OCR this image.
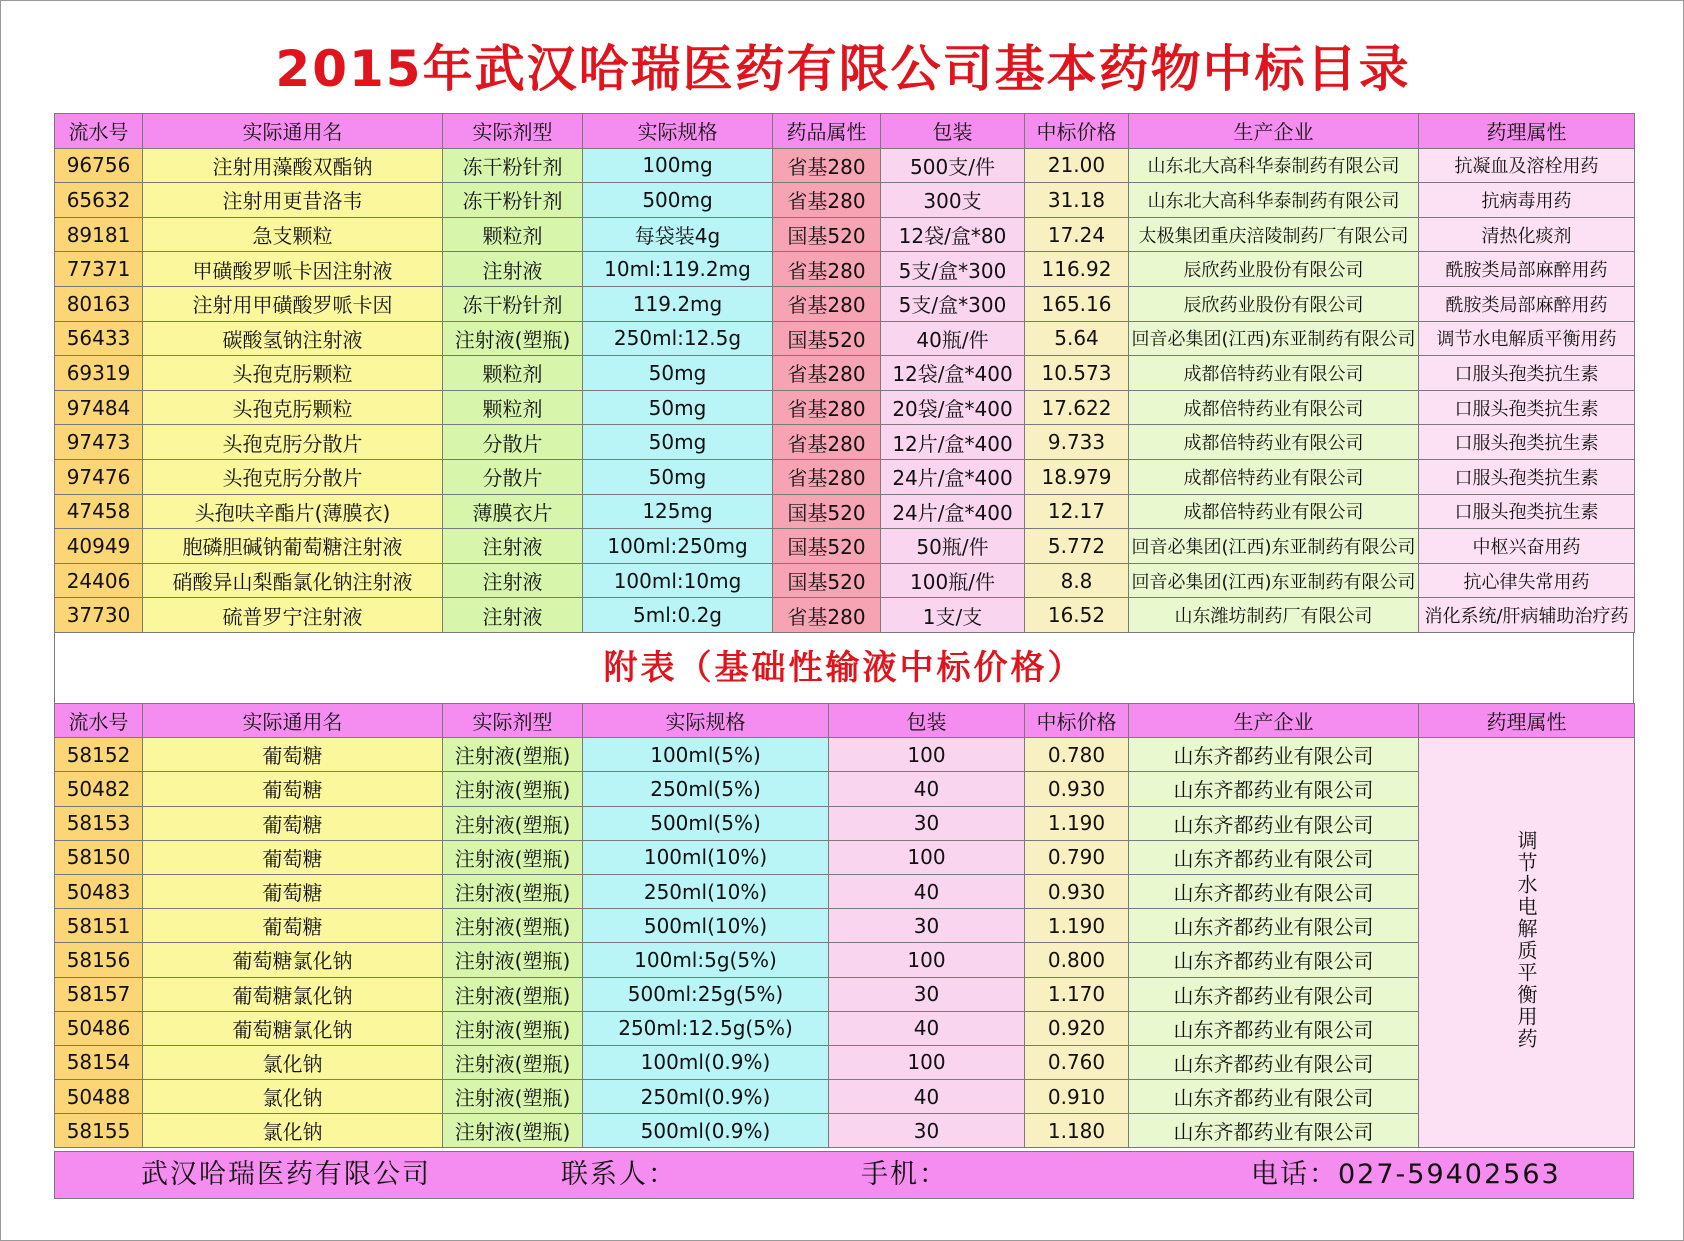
2015年武汉哈瑞医药有限公司基本药物中标目录
流水号	实际通用名	实际剂型	实际规格	药品属性	包装	中标价格	生产企业	药理属性
96756	注射用藻酸双酯钠	冻干粉针剂	100mg	省基280	500支/件	21.00	山东北大高科华泰制药有限公司	抗凝血及溶栓用药
65632	注射用更昔洛韦	冻干粉针剂	500mg	省基280	300支	31.18	山东北大高科华泰制药有限公司	抗病毒用药
89181	急支颗粒	颗粒剂	每袋装4g	国基520	12袋/盒*80	17.24	太极集团重庆涪陵制药厂有限公司	清热化痰剂
77371	甲磺酸罗哌卡因注射液	注射液	10ml:119.2mg	省基280	5支/盒*300	116.92	辰欣药业股份有限公司	酰胺类局部麻醉用药
80163	注射用甲磺酸罗哌卡因	冻干粉针剂	119.2mg	省基280	5支/盒*300	165.16	辰欣药业股份有限公司	酰胺类局部麻醉用药
56433	碳酸氢钠注射液	注射液(塑瓶)	250ml:12.5g	国基520	40瓶/件	5.64	回音必集团(江西)东亚制药有限公司	调节水电解质平衡用药
69319	头孢克肟颗粒	颗粒剂	50mg	省基280	12袋/盒*400	10.573	成都倍特药业有限公司	口服头孢类抗生素
97484	头孢克肟颗粒	颗粒剂	50mg	省基280	20袋/盒*400	17.622	成都倍特药业有限公司	口服头孢类抗生素
97473	头孢克肟分散片	分散片	50mg	省基280	12片/盒*400	9.733	成都倍特药业有限公司	口服头孢类抗生素
97476	头孢克肟分散片	分散片	50mg	省基280	24片/盒*400	18.979	成都倍特药业有限公司	口服头孢类抗生素
47458	头孢呋辛酯片(薄膜衣)	薄膜衣片	125mg	国基520	24片/盒*400	12.17	成都倍特药业有限公司	口服头孢类抗生素
40949	胞磷胆碱钠葡萄糖注射液	注射液	100ml:250mg	国基520	50瓶/件	5.772	回音必集团(江西)东亚制药有限公司	中枢兴奋用药
24406	硝酸异山梨酯氯化钠注射液	注射液	100ml:10mg	国基520	100瓶/件	8.8	回音必集团(江西)东亚制药有限公司	抗心律失常用药
37730	硫普罗宁注射液	注射液	5ml:0.2g	省基280	1支/支	16.52	山东潍坊制药厂有限公司	消化系统/肝病辅助治疗药
附表（基础性输液中标价格）
流水号	实际通用名	实际剂型	实际规格	包装	中标价格	生产企业	药理属性
58152	葡萄糖	注射液(塑瓶)	100ml(5%)	100	0.780	山东齐都药业有限公司	调节水电解质平衡用药
50482	葡萄糖	注射液(塑瓶)	250ml(5%)	40	0.930	山东齐都药业有限公司	
58153	葡萄糖	注射液(塑瓶)	500ml(5%)	30	1.190	山东齐都药业有限公司	
58150	葡萄糖	注射液(塑瓶)	100ml(10%)	100	0.790	山东齐都药业有限公司	
50483	葡萄糖	注射液(塑瓶)	250ml(10%)	40	0.930	山东齐都药业有限公司	
58151	葡萄糖	注射液(塑瓶)	500ml(10%)	30	1.190	山东齐都药业有限公司	
58156	葡萄糖氯化钠	注射液(塑瓶)	100ml:5g(5%)	100	0.800	山东齐都药业有限公司	
58157	葡萄糖氯化钠	注射液(塑瓶)	500ml:25g(5%)	30	1.170	山东齐都药业有限公司	
50486	葡萄糖氯化钠	注射液(塑瓶)	250ml:12.5g(5%)	40	0.920	山东齐都药业有限公司	
58154	氯化钠	注射液(塑瓶)	100ml(0.9%)	100	0.760	山东齐都药业有限公司	
50488	氯化钠	注射液(塑瓶)	250ml(0.9%)	40	0.910	山东齐都药业有限公司	
58155	氯化钠	注射液(塑瓶)	500ml(0.9%)	30	1.180	山东齐都药业有限公司	
武汉哈瑞医药有限公司	联系人：	手机：	电话：027-59402563
